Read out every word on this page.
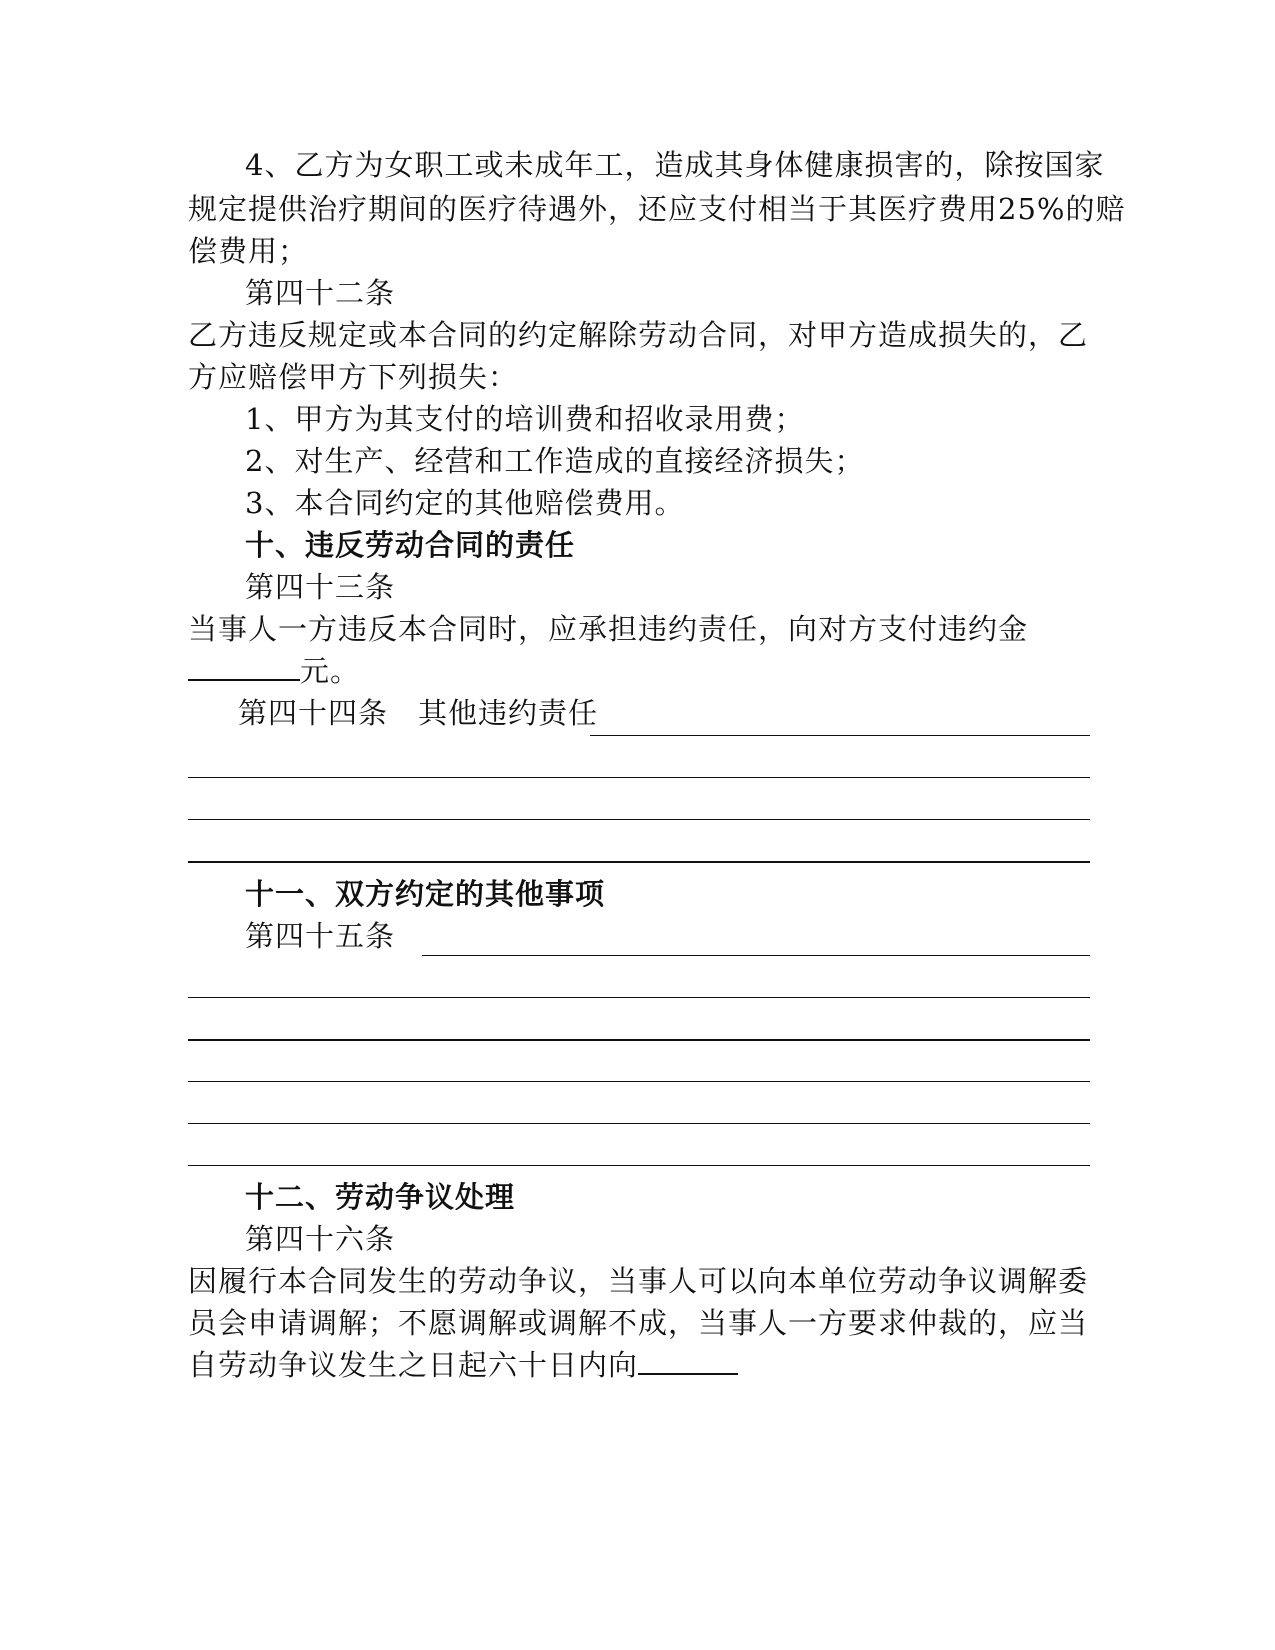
4、乙方为女职工或未成年工，造成其身体健康损害的，除按国家
规定提供治疗期间的医疗待遇外，还应支付相当于其医疗费用25%的赔
偿费用；
第四十二条
乙方违反规定或本合同的约定解除劳动合同，对甲方造成损失的，乙
方应赔偿甲方下列损失：
1、甲方为其支付的培训费和招收录用费；
2、对生产、经营和工作造成的直接经济损失；
3、本合同约定的其他赔偿费用。
十、违反劳动合同的责任
第四十三条
当事人一方违反本合同时，应承担违约责任，向对方支付违约金
元。
第四十四条　其他违约责任
十一、双方约定的其他事项
第四十五条
十二、劳动争议处理
第四十六条
因履行本合同发生的劳动争议，当事人可以向本单位劳动争议调解委
员会申请调解；不愿调解或调解不成，当事人一方要求仲裁的，应当
自劳动争议发生之日起六十日内向
